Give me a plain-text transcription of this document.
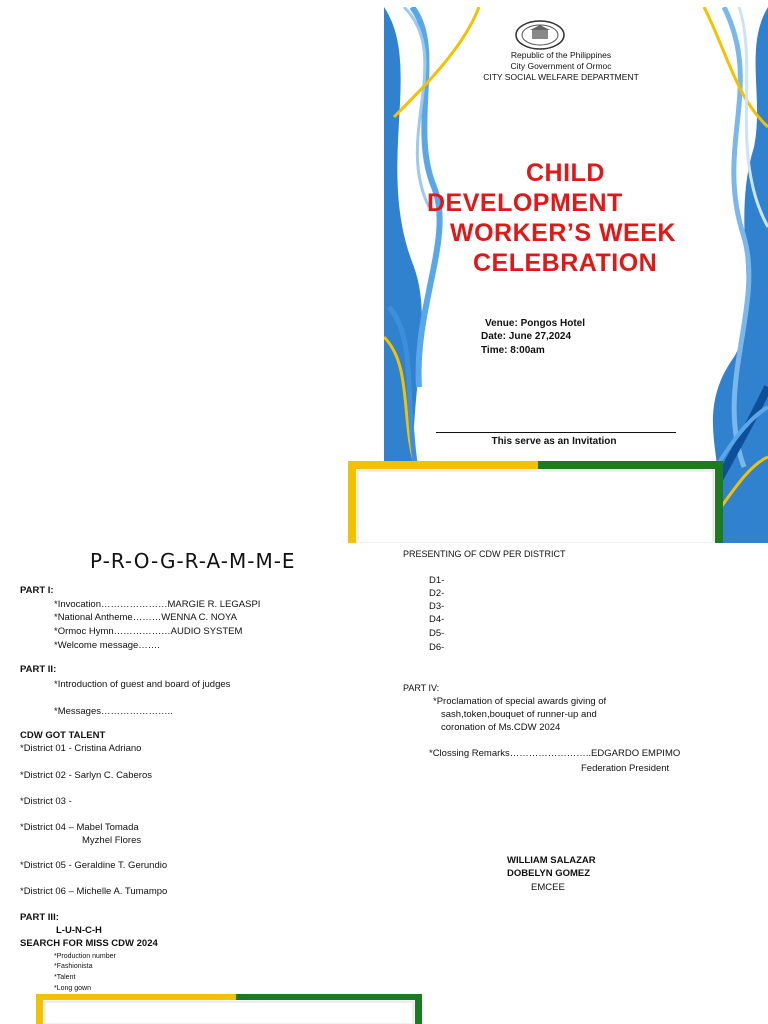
Republic of the Philippines
City Government of Ormoc
CITY SOCIAL WELFARE DEPARTMENT
CHILD
DEVELOPMENT
WORKER’S WEEK
CELEBRATION
Venue: Pongos Hotel
Date: June 27,2024
Time: 8:00am
This serve as an Invitation
P-R-O-G-R-A-M-M-E
PART I:
*Invocation…………………MARGIE R. LEGASPI
*National Antheme………WENNA C. NOYA
*Ormoc Hymn………………AUDIO SYSTEM
*Welcome message…….
PART II:
*Introduction of guest and board of judges
*Messages…………………..
CDW GOT TALENT
*District 01 - Cristina Adriano
*District 02 - Sarlyn C. Caberos
*District 03 -
*District 04 – Mabel Tomada
Myzhel Flores
*District 05 - Geraldine T. Gerundio
*District 06 – Michelle A. Tumampo
PART III:
L-U-N-C-H
SEARCH FOR MISS CDW 2024
*Production number
*Fashionista
*Talent
*Long gown
PRESENTING OF CDW PER DISTRICT
D1-
D2-
D3-
D4-
D5-
D6-
PART IV:
*Proclamation of special awards giving of
sash,token,bouquet of runner-up and
coronation of Ms.CDW 2024
*Clossing Remarks……………………..EDGARDO EMPIMO
Federation President
WILLIAM SALAZAR
DOBELYN GOMEZ
EMCEE
